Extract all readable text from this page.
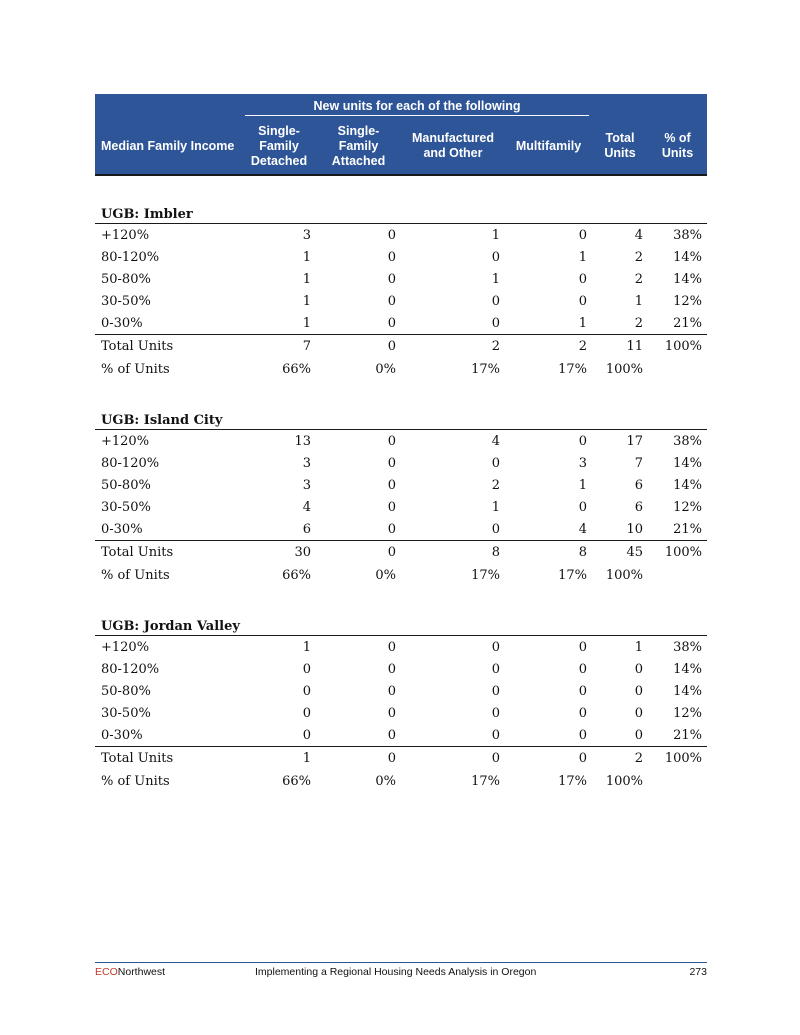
	New units for each of the following					

Median Family Income	Single-Family Detached	Single-Family Attached	Manufactured and Other	Multifamily	Total Units	% of Units

UGB: Imbler						
+120%	3	0	1	0	4	38%
80-120%	1	0	0	1	2	14%
50-80%	1	0	1	0	2	14%
30-50%	1	0	0	0	1	12%
0-30%	1	0	0	1	2	21%
Total Units	7	0	2	2	11	100%
% of Units	66%	0%	17%	17%	100%	

UGB: Island City						
+120%	13	0	4	0	17	38%
80-120%	3	0	0	3	7	14%
50-80%	3	0	2	1	6	14%
30-50%	4	0	1	0	6	12%
0-30%	6	0	0	4	10	21%
Total Units	30	0	8	8	45	100%
% of Units	66%	0%	17%	17%	100%	

UGB: Jordan Valley						
+120%	1	0	0	0	1	38%
80-120%	0	0	0	0	0	14%
50-80%	0	0	0	0	0	14%
30-50%	0	0	0	0	0	12%
0-30%	0	0	0	0	0	21%
Total Units	1	0	0	0	2	100%
% of Units	66%	0%	17%	17%	100%	
ECONorthwest	Implementing a Regional Housing Needs Analysis in Oregon	273
